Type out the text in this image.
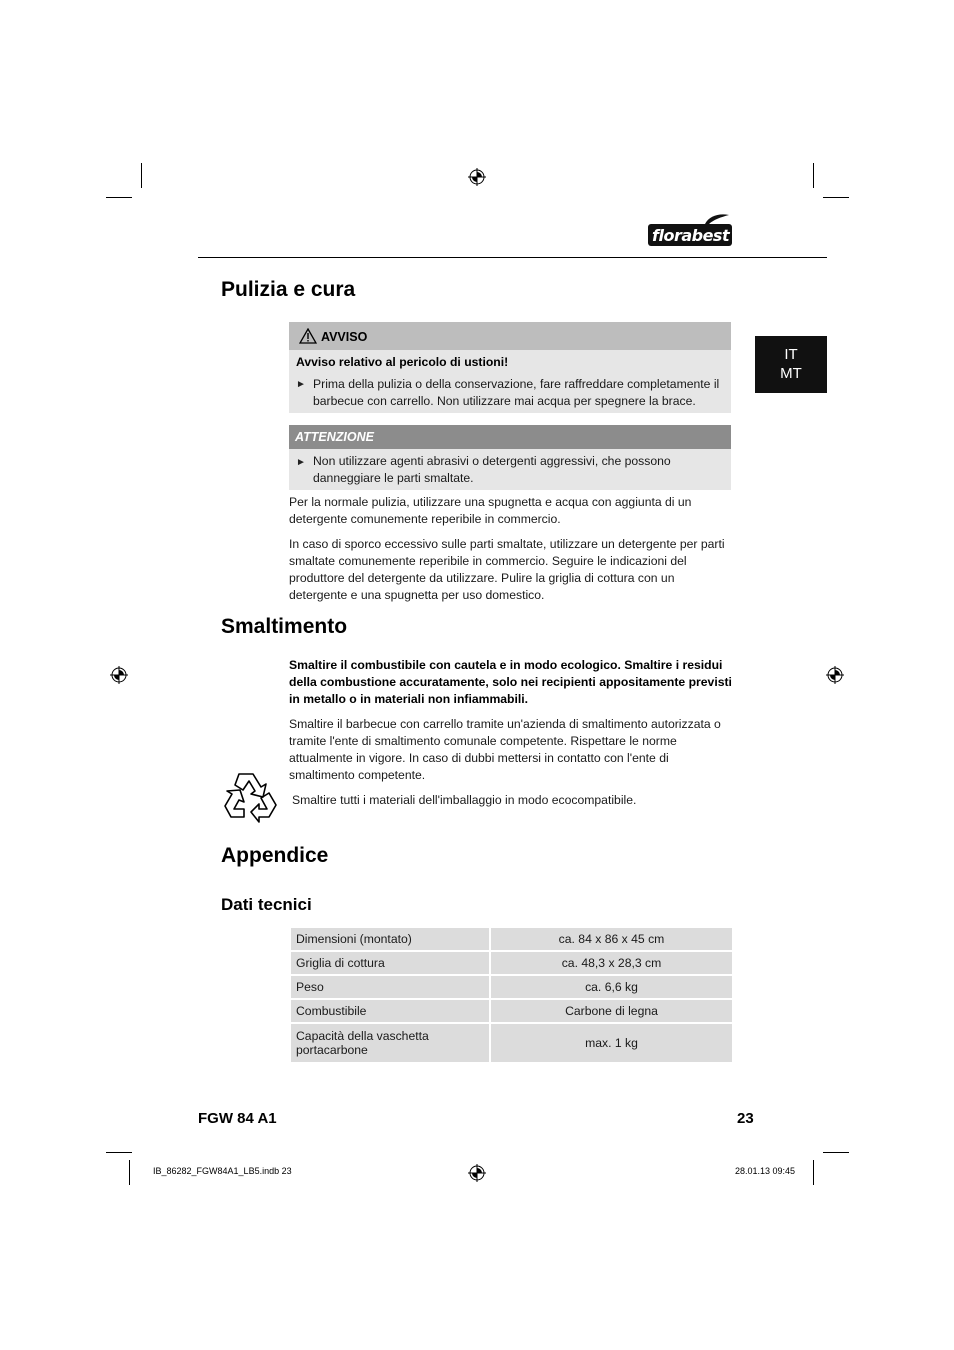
florabest
IT
MT
Pulizia e cura
AVVISO
Avviso relativo al pericolo di ustioni!
► Prima della pulizia o della conservazione, fare raffreddare completamente il barbecue con carrello. Non utilizzare mai acqua per spegnere la brace.
ATTENZIONE
► Non utilizzare agenti abrasivi o detergenti aggressivi, che possono danneggiare le parti smaltate.

Per la normale pulizia, utilizzare una spugnetta e acqua con aggiunta di un detergente comunemente reperibile in commercio.

In caso di sporco eccessivo sulle parti smaltate, utilizzare un detergente per parti smaltate comunemente reperibile in commercio. Seguire le indicazioni del produttore del detergente da utilizzare. Pulire la griglia di cottura con un detergente e una spugnetta per uso domestico.

Smaltimento

Smaltire il combustibile con cautela e in modo ecologico. Smaltire i residui della combustione accuratamente, solo nei recipienti appositamente previsti in metallo o in materiali non infiammabili.

Smaltire il barbecue con carrello tramite un'azienda di smaltimento autorizzata o tramite l'ente di smaltimento comunale competente. Rispettare le norme attualmente in vigore. In caso di dubbi mettersi in contatto con l'ente di smaltimento competente.

Smaltire tutti i materiali dell'imballaggio in modo ecocompatibile.

Appendice
Dati tecnici
Dimensioni (montato)	ca. 84 x 86 x 45 cm
Griglia di cottura	ca. 48,3 x 28,3 cm
Peso	ca. 6,6 kg
Combustibile	Carbone di legna
Capacità della vaschetta portacarbone	max. 1 kg
FGW 84 A1	23
IB_86282_FGW84A1_LB5.indb 23	28.01.13 09:45
